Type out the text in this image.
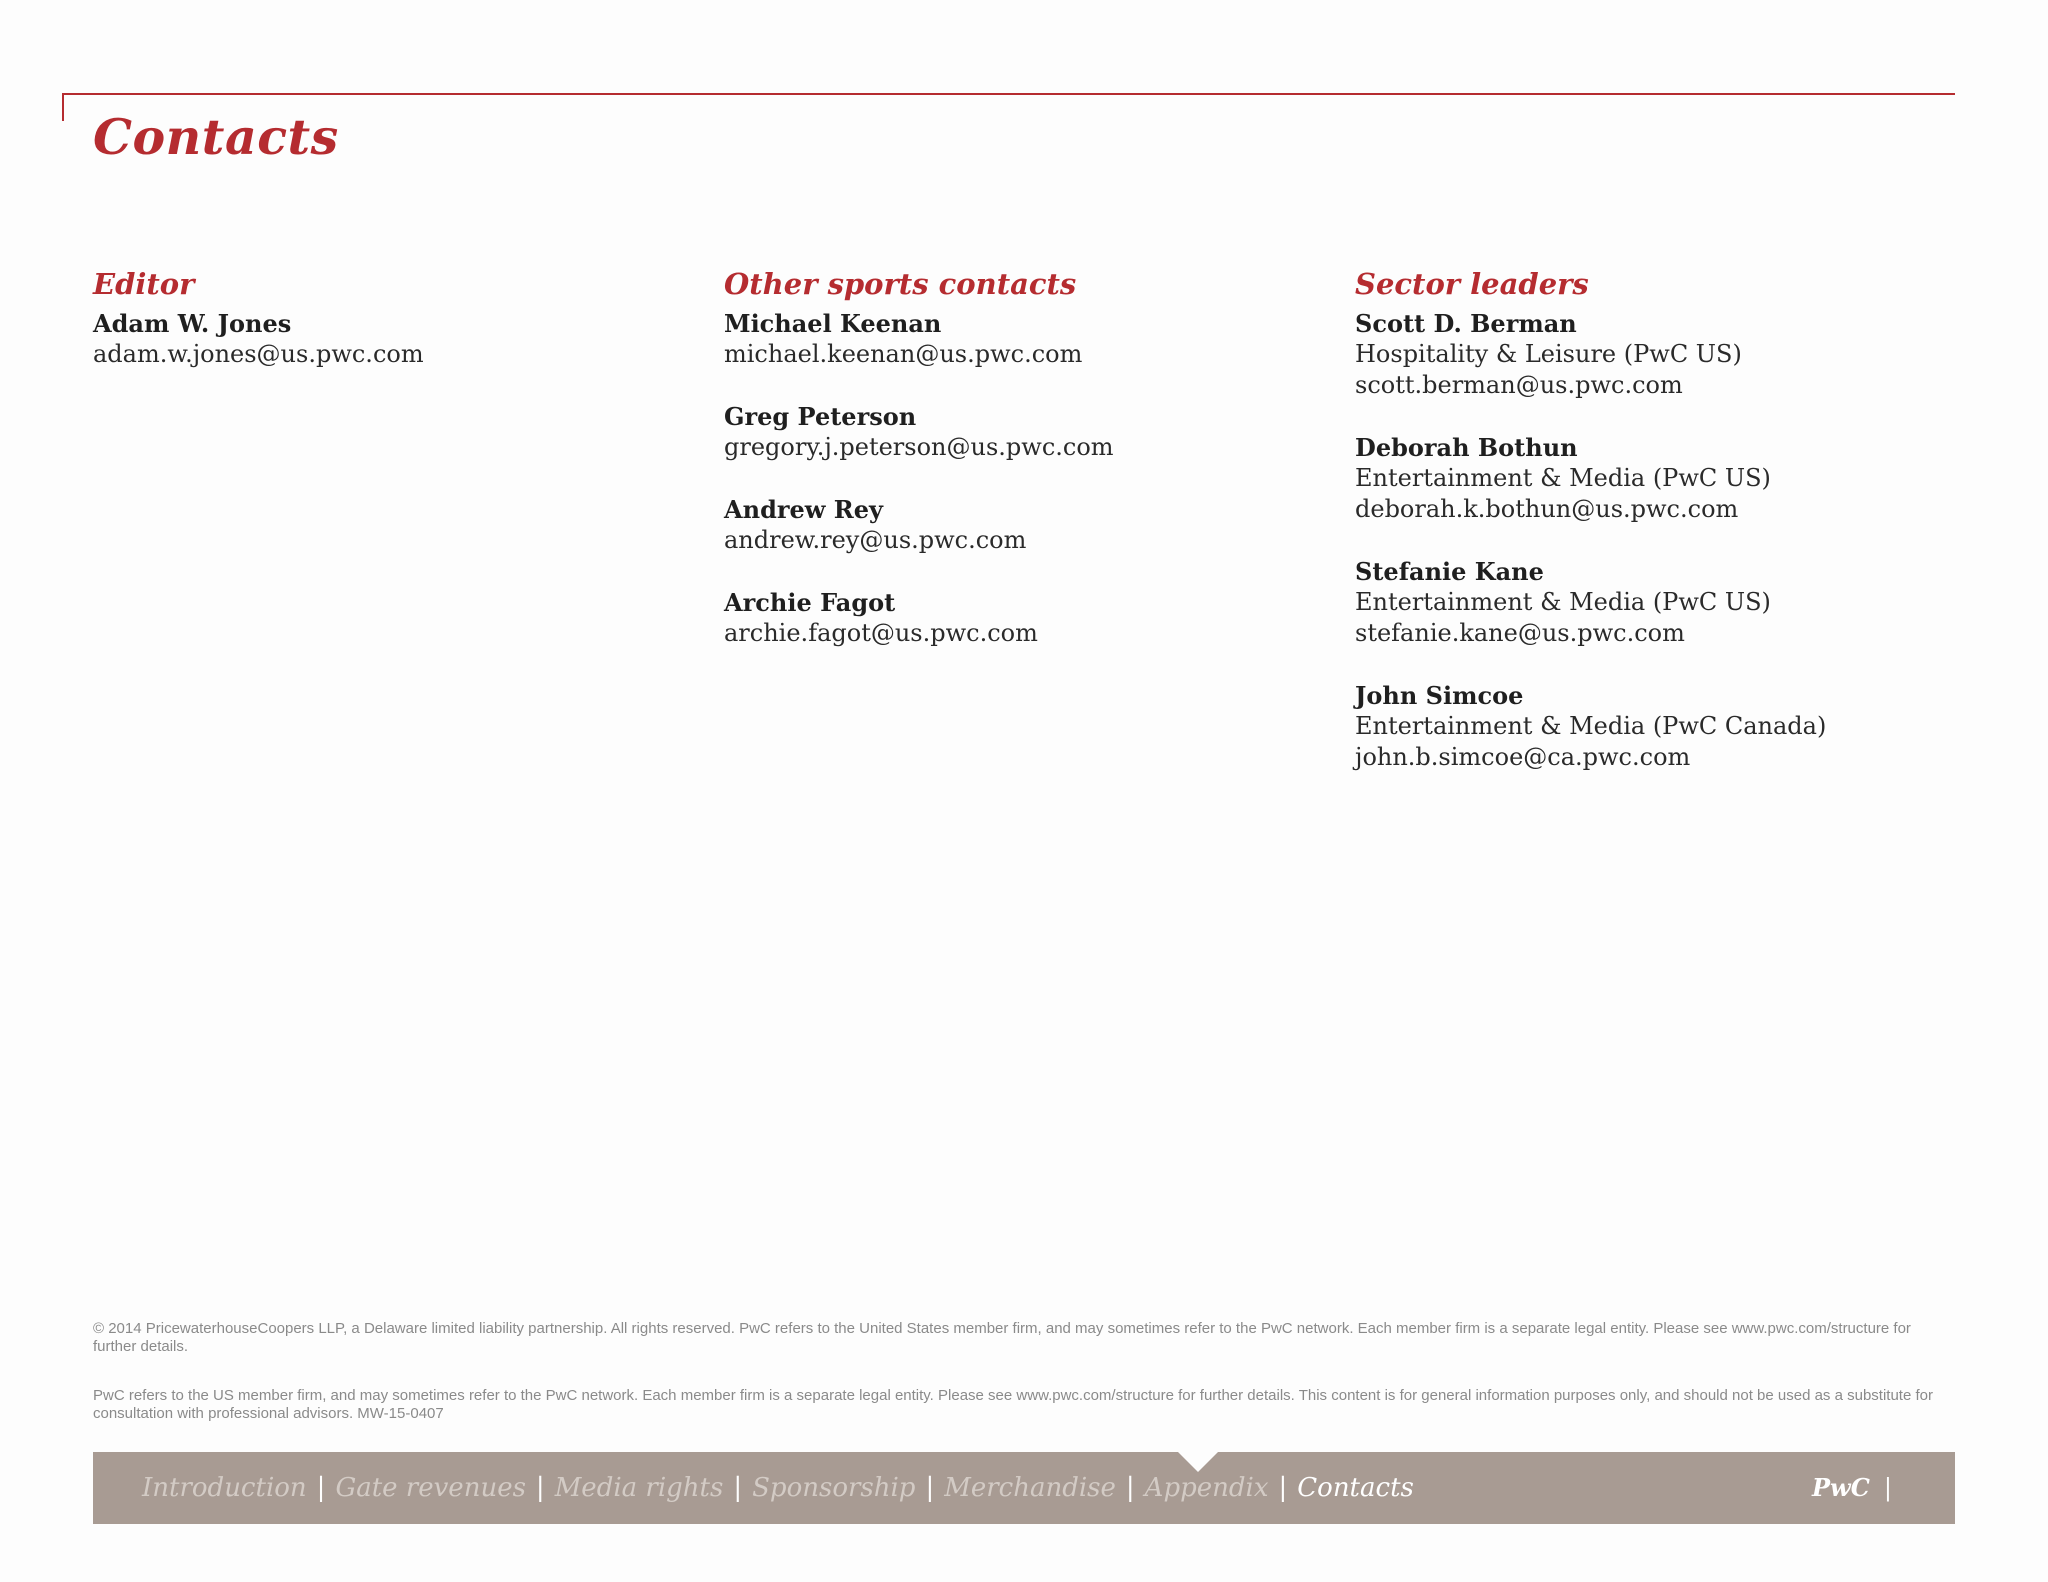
Contacts
Editor
Adam W. Jones
adam.w.jones@us.pwc.com
Other sports contacts
Michael Keenan
michael.keenan@us.pwc.com
Greg Peterson
gregory.j.peterson@us.pwc.com
Andrew Rey
andrew.rey@us.pwc.com
Archie Fagot
archie.fagot@us.pwc.com
Sector leaders
Scott D. Berman
Hospitality & Leisure (PwC US)
scott.berman@us.pwc.com
Deborah Bothun
Entertainment & Media (PwC US)
deborah.k.bothun@us.pwc.com
Stefanie Kane
Entertainment & Media (PwC US)
stefanie.kane@us.pwc.com
John Simcoe
Entertainment & Media (PwC Canada)
john.b.simcoe@ca.pwc.com

© 2014 PricewaterhouseCoopers LLP, a Delaware limited liability partnership. All rights reserved. PwC refers to the United States member firm, and may sometimes refer to the PwC network. Each member firm is a separate legal entity. Please see www.pwc.com/structure for further details.

PwC refers to the US member firm, and may sometimes refer to the PwC network. Each member firm is a separate legal entity. Please see www.pwc.com/structure for further details. This content is for general information purposes only, and should not be used as a substitute for consultation with professional advisors. MW-15-0407

Introduction | Gate revenues | Media rights | Sponsorship | Merchandise | Appendix | Contacts	PwC |
